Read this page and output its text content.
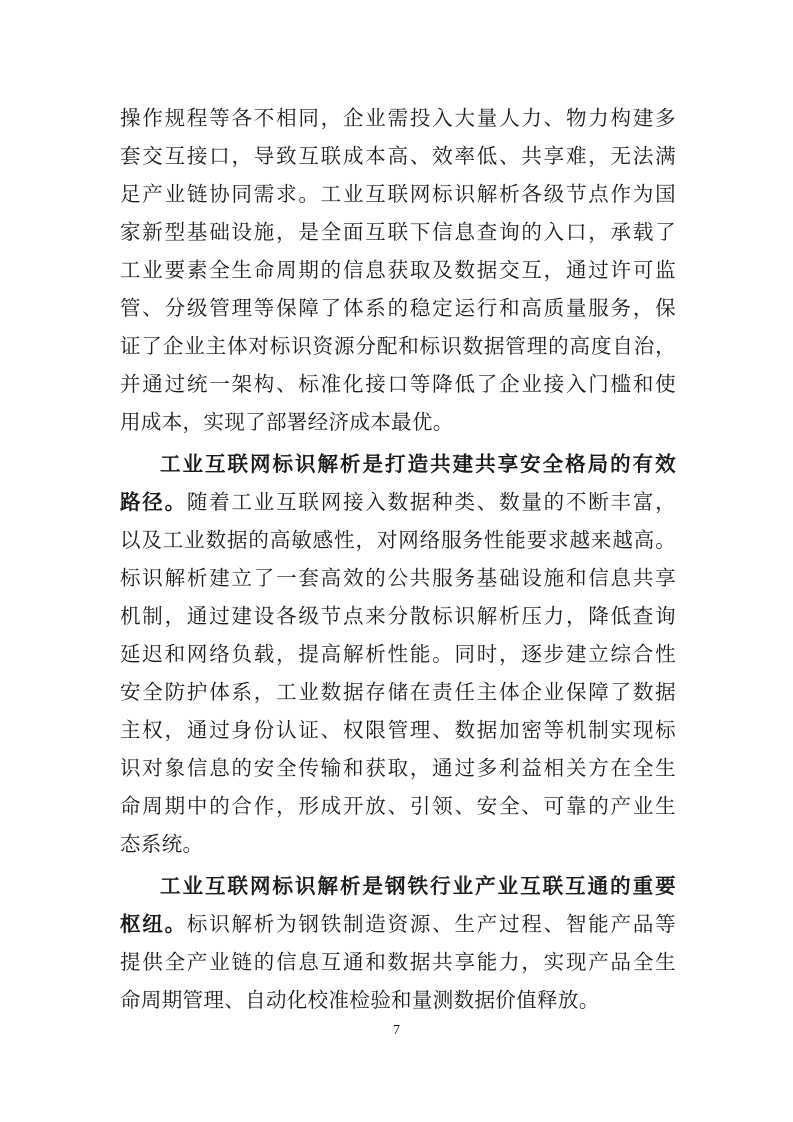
操作规程等各不相同，企业需投入大量人力、物力构建多
套交互接口，导致互联成本高、效率低、共享难，无法满
足产业链协同需求。工业互联网标识解析各级节点作为国
家新型基础设施，是全面互联下信息查询的入口，承载了
工业要素全生命周期的信息获取及数据交互，通过许可监
管、分级管理等保障了体系的稳定运行和高质量服务，保
证了企业主体对标识资源分配和标识数据管理的高度自治，
并通过统一架构、标准化接口等降低了企业接入门槛和使
用成本，实现了部署经济成本最优。
工业互联网标识解析是打造共建共享安全格局的有效
路径。随着工业互联网接入数据种类、数量的不断丰富，
以及工业数据的高敏感性，对网络服务性能要求越来越高。
标识解析建立了一套高效的公共服务基础设施和信息共享
机制，通过建设各级节点来分散标识解析压力，降低查询
延迟和网络负载，提高解析性能。同时，逐步建立综合性
安全防护体系，工业数据存储在责任主体企业保障了数据
主权，通过身份认证、权限管理、数据加密等机制实现标
识对象信息的安全传输和获取，通过多利益相关方在全生
命周期中的合作，形成开放、引领、安全、可靠的产业生
态系统。
工业互联网标识解析是钢铁行业产业互联互通的重要
枢纽。标识解析为钢铁制造资源、生产过程、智能产品等
提供全产业链的信息互通和数据共享能力，实现产品全生
命周期管理、自动化校准检验和量测数据价值释放。
7
